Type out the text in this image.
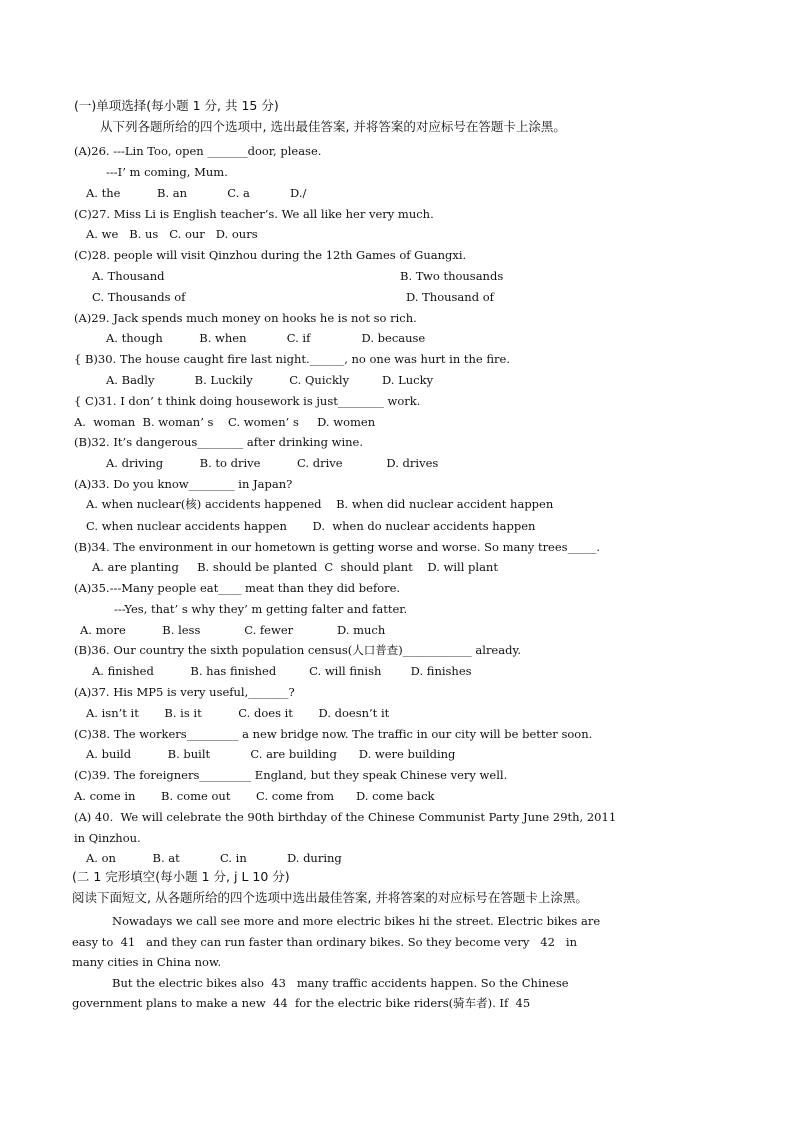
(一)单项选择(每小题 1 分, 共 15 分)
从下列各题所给的四个选项中, 选出最佳答案, 并将答案的对应标号在答题卡上涂黑。
(A)26. ---Lin Too, open _______door, please.
---I’ m coming, Mum.
A. the          B. an           C. a           D./
(C)27. Miss Li is English teacher’s. We all like her very much.
A. we   B. us   C. our   D. ours
(C)28. people will visit Qinzhou during the 12th Games of Guangxi.
A. Thousand	B. Two thousands
C. Thousands of	D. Thousand of
(A)29. Jack spends much money on hooks he is not so rich.
A. though          B. when           C. if              D. because
{ B)30. The house caught fire last night.______, no one was hurt in the fire.
A. Badly           B. Luckily          C. Quickly         D. Lucky
{ C)31. I don’ t think doing housework is just________ work.
A.  woman  B. woman’ s    C. women’ s     D. women
(B)32. It’s dangerous________ after drinking wine.
A. driving          B. to drive          C. drive            D. drives
(A)33. Do you know________ in Japan?
A. when nuclear(核) accidents happened    B. when did nuclear accident happen
C. when nuclear accidents happen       D.  when do nuclear accidents happen
(B)34. The environment in our hometown is getting worse and worse. So many trees_____.
A. are planting     B. should be planted  C  should plant    D. will plant
(A)35.---Many people eat____ meat than they did before.
---Yes, that’ s why they’ m getting falter and fatter.
A. more          B. less            C. fewer            D. much
(B)36. Our country the sixth population census(人口普查)____________ already.
A. finished          B. has finished         C. will finish        D. finishes
(A)37. His MP5 is very useful,_______?
A. isn’t it       B. is it          C. does it       D. doesn’t it
(C)38. The workers_________ a new bridge now. The traffic in our city will be better soon.
A. build          B. built           C. are building      D. were building
(C)39. The foreigners_________ England, but they speak Chinese very well.
A. come in       B. come out       C. come from      D. come back
(A) 40.  We will celebrate the 90th birthday of the Chinese Communist Party June 29th, 2011
in Qinzhou.
A. on          B. at           C. in           D. during
(二 1 完形填空(每小题 1 分, j L 10 分)
阅读下面短文, 从各题所给的四个选项中选出最佳答案, 并将答案的对应标号在答题卡上涂黑。
Nowadays we call see more and more electric bikes hi the street. Electric bikes are
easy to  41   and they can run faster than ordinary bikes. So they become very   42   in
many cities in China now.
But the electric bikes also  43   many traffic accidents happen. So the Chinese
government plans to make a new  44  for the electric bike riders(骑车者). If  45
